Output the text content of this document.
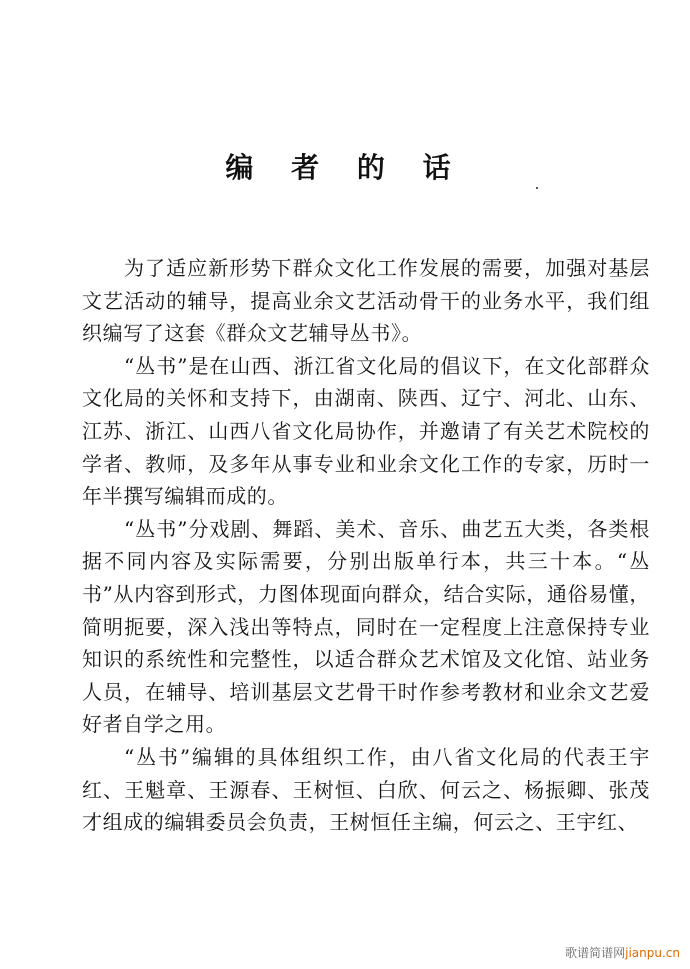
编 者 的 话

为了适应新形势下群众文化工作发展的需要，加强对基层文艺活动的辅导，提高业余文艺活动骨干的业务水平，我们组织编写了这套《群众文艺辅导丛书》。

“丛书”是在山西、浙江省文化局的倡议下，在文化部群众文化局的关怀和支持下，由湖南、陕西、辽宁、河北、山东、江苏、浙江、山西八省文化局协作，并邀请了有关艺术院校的学者、教师，及多年从事专业和业余文化工作的专家，历时一年半撰写编辑而成的。

“丛书”分戏剧、舞蹈、美术、音乐、曲艺五大类，各类根据不同内容及实际需要，分别出版单行本，共三十本。“丛书”从内容到形式，力图体现面向群众，结合实际，通俗易懂，简明扼要，深入浅出等特点，同时在一定程度上注意保持专业知识的系统性和完整性，以适合群众艺术馆及文化馆、站业务人员，在辅导、培训基层文艺骨干时作参考教材和业余文艺爱好者自学之用。

“丛书”编辑的具体组织工作，由八省文化局的代表王宇红、王魁章、王源春、王树恒、白欣、何云之、杨振卿、张茂才组成的编辑委员会负责，王树恒任主编，何云之、王宇红、

歌谱简谱网jianpu.cn
